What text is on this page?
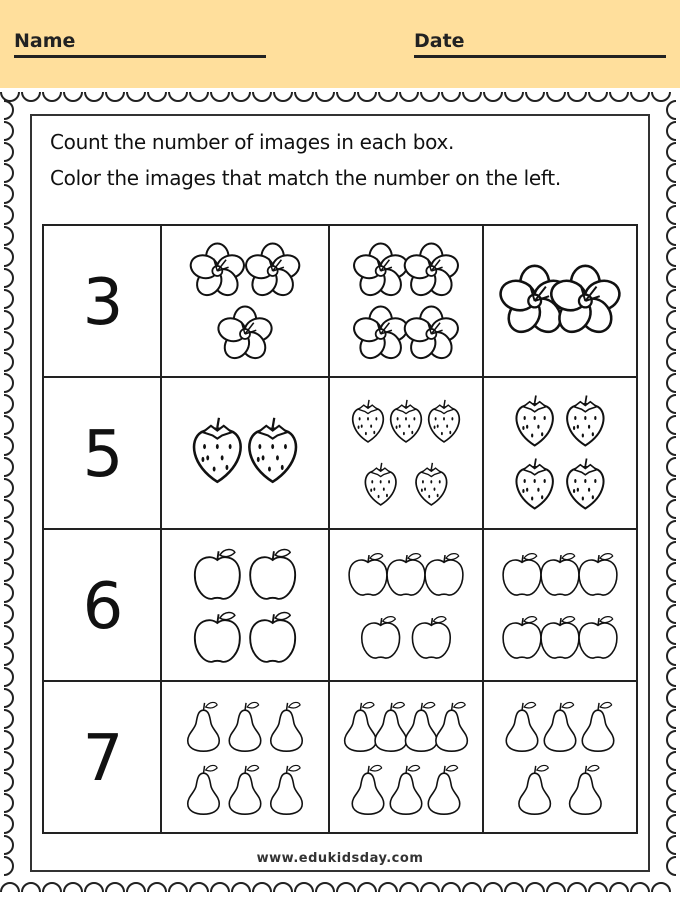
Name	Date
Count the number of images in each box.
Color the images that match the number on the left.
3
5
6
7
www.edukidsday.com
